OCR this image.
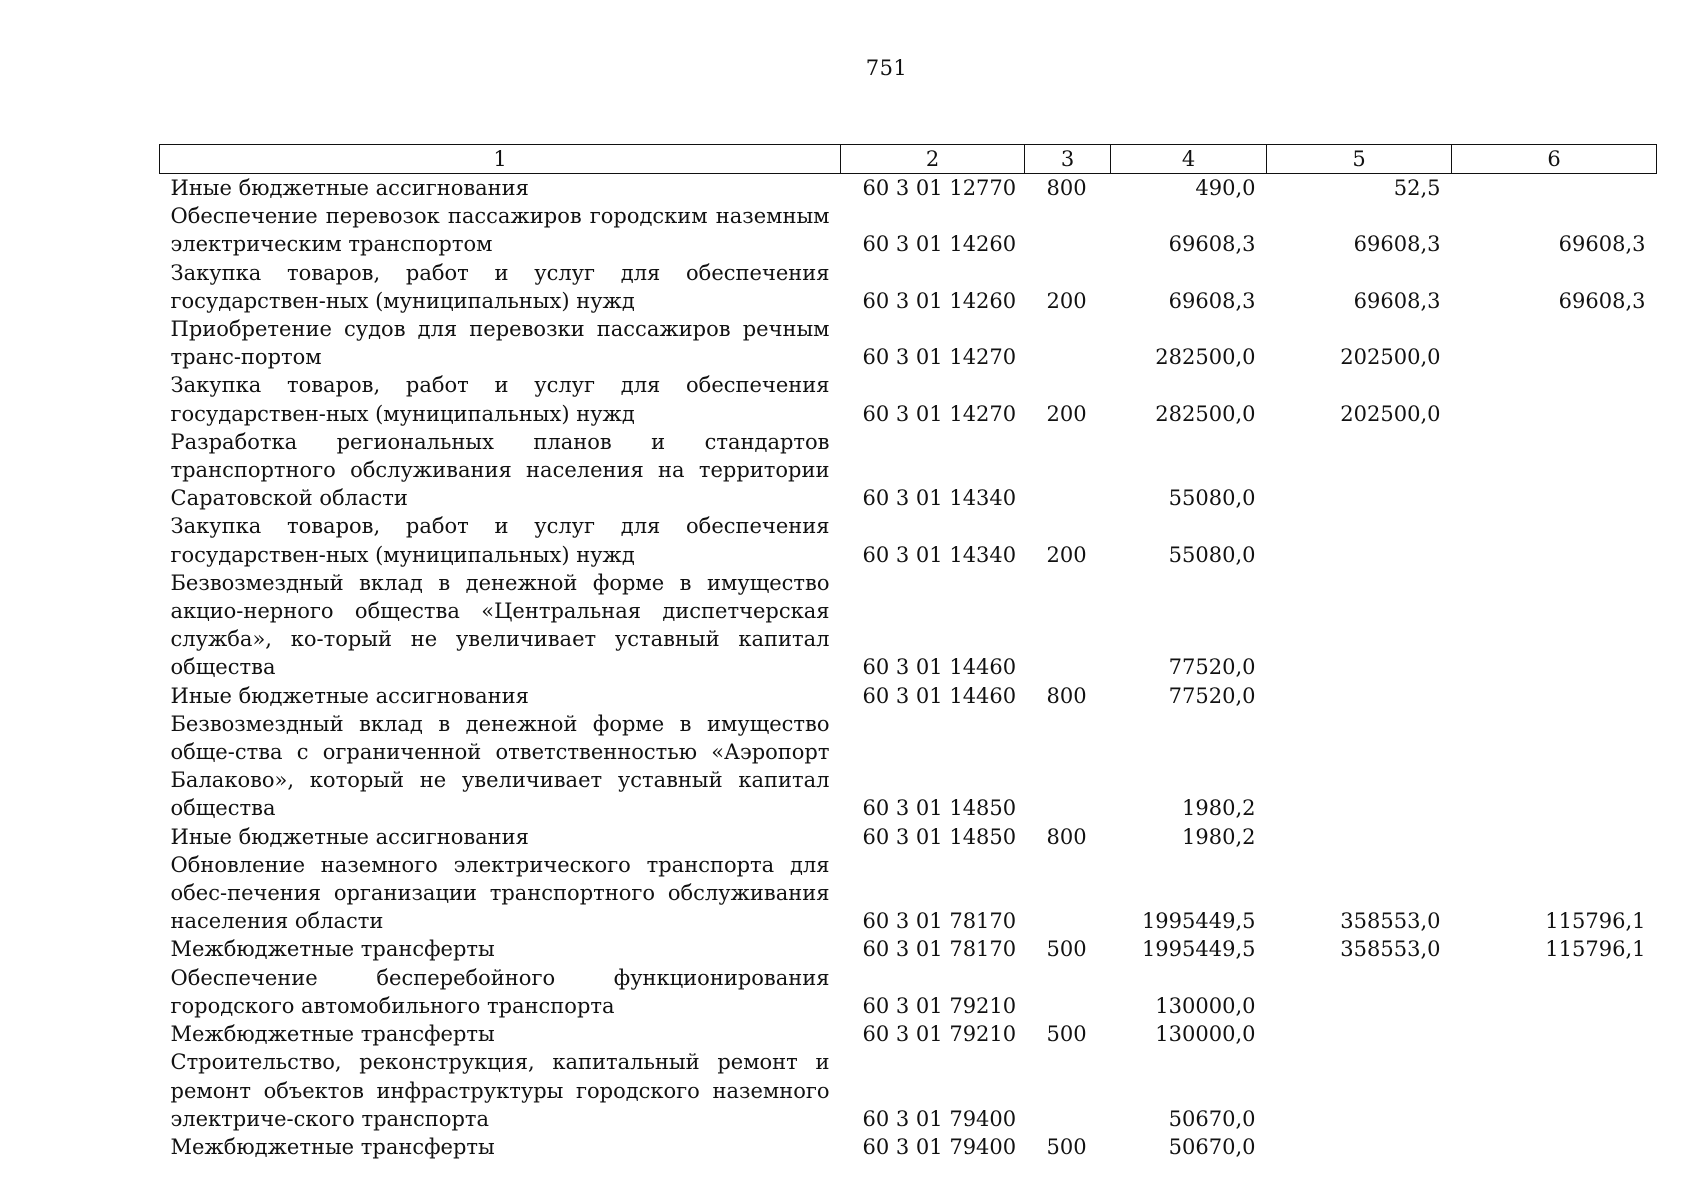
751
1	2	3	4	5	6
Иные бюджетные ассигнования	60 3 01 12770	800	490,0	52,5	
Обеспечение перевозок пассажиров городским наземным электрическим транспортом	60 3 01 14260		69608,3	69608,3	69608,3
Закупка товаров, работ и услуг для обеспечения государствен-ных (муниципальных) нужд	60 3 01 14260	200	69608,3	69608,3	69608,3
Приобретение судов для перевозки пассажиров речным транс-портом	60 3 01 14270		282500,0	202500,0	
Закупка товаров, работ и услуг для обеспечения государствен-ных (муниципальных) нужд	60 3 01 14270	200	282500,0	202500,0	
Разработка региональных планов и стандартов транспортного обслуживания населения на территории Саратовской области	60 3 01 14340		55080,0		
Закупка товаров, работ и услуг для обеспечения государствен-ных (муниципальных) нужд	60 3 01 14340	200	55080,0		
Безвозмездный вклад в денежной форме в имущество акцио-нерного общества «Центральная диспетчерская служба», ко-торый не увеличивает уставный капитал общества	60 3 01 14460		77520,0		
Иные бюджетные ассигнования	60 3 01 14460	800	77520,0		
Безвозмездный вклад в денежной форме в имущество обще-ства с ограниченной ответственностью «Аэропорт Балаково», который не увеличивает уставный капитал общества	60 3 01 14850		1980,2		
Иные бюджетные ассигнования	60 3 01 14850	800	1980,2		
Обновление наземного электрического транспорта для обес-печения организации транспортного обслуживания населения области	60 3 01 78170		1995449,5	358553,0	115796,1
Межбюджетные трансферты	60 3 01 78170	500	1995449,5	358553,0	115796,1
Обеспечение бесперебойного функционирования городского автомобильного транспорта	60 3 01 79210		130000,0		
Межбюджетные трансферты	60 3 01 79210	500	130000,0		
Строительство, реконструкция, капитальный ремонт и ремонт объектов инфраструктуры городского наземного электриче-ского транспорта	60 3 01 79400		50670,0		
Межбюджетные трансферты	60 3 01 79400	500	50670,0		
